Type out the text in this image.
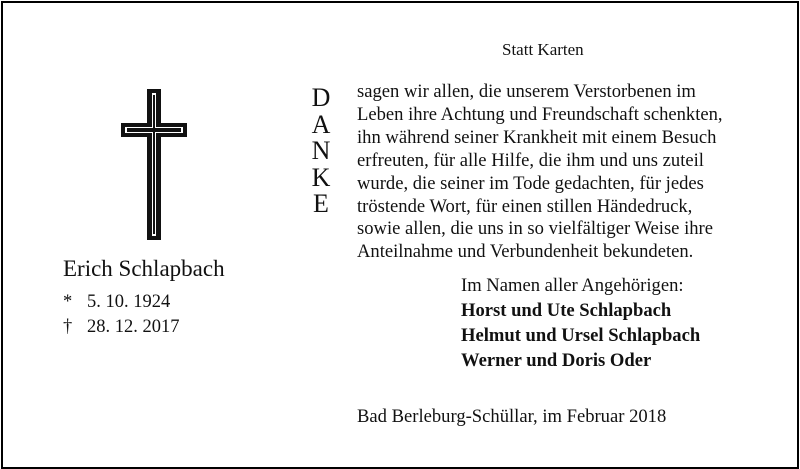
Statt Karten
Erich Schlapbach
* 5. 10. 1924
† 28. 12. 2017
D
A
N
K
E
sagen wir allen, die unserem Verstorbenen im
Leben ihre Achtung und Freundschaft schenkten,
ihn während seiner Krankheit mit einem Besuch
erfreuten, für alle Hilfe, die ihm und uns zuteil
wurde, die seiner im Tode gedachten, für jedes
tröstende Wort, für einen stillen Händedruck,
sowie allen, die uns in so vielfältiger Weise ihre
Anteilnahme und Verbundenheit bekundeten.
Im Namen aller Angehörigen:
Horst und Ute Schlapbach
Helmut und Ursel Schlapbach
Werner und Doris Oder
Bad Berleburg-Schüllar, im Februar 2018
